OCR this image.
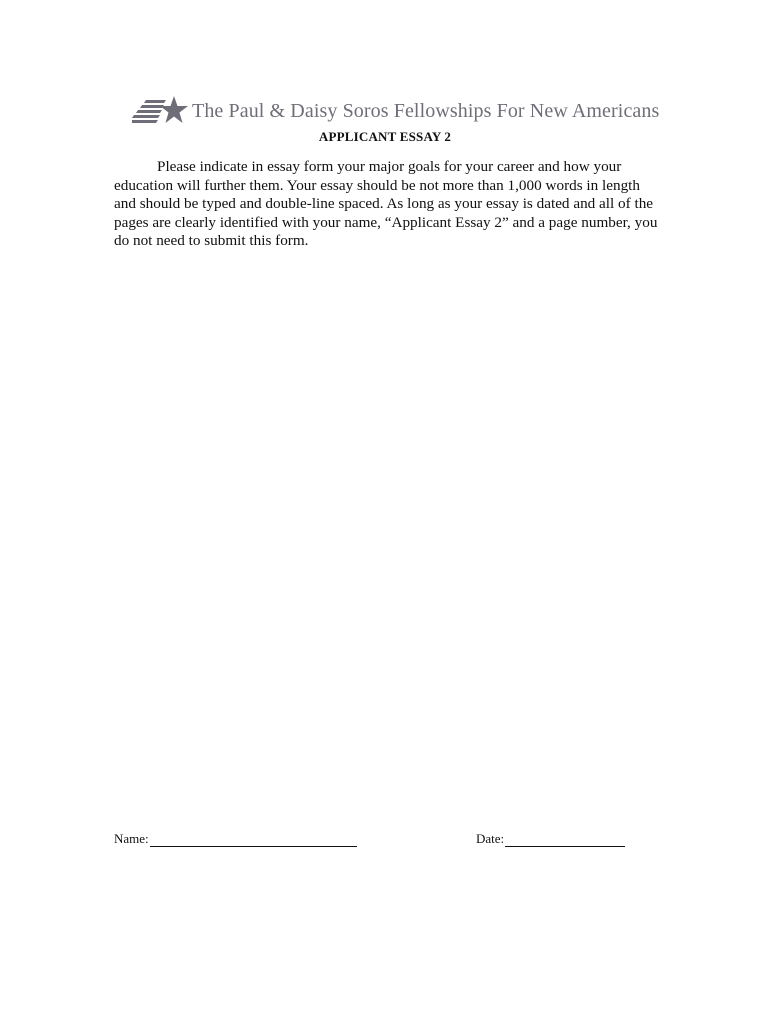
The Paul & Daisy Soros Fellowships For New Americans
APPLICANT ESSAY 2

Please indicate in essay form your major goals for your career and how your education will further them. Your essay should be not more than 1,000 words in length and should be typed and double-line spaced. As long as your essay is dated and all of the pages are clearly identified with your name, “Applicant Essay 2” and a page number, you do not need to submit this form.

Name:	Date:
